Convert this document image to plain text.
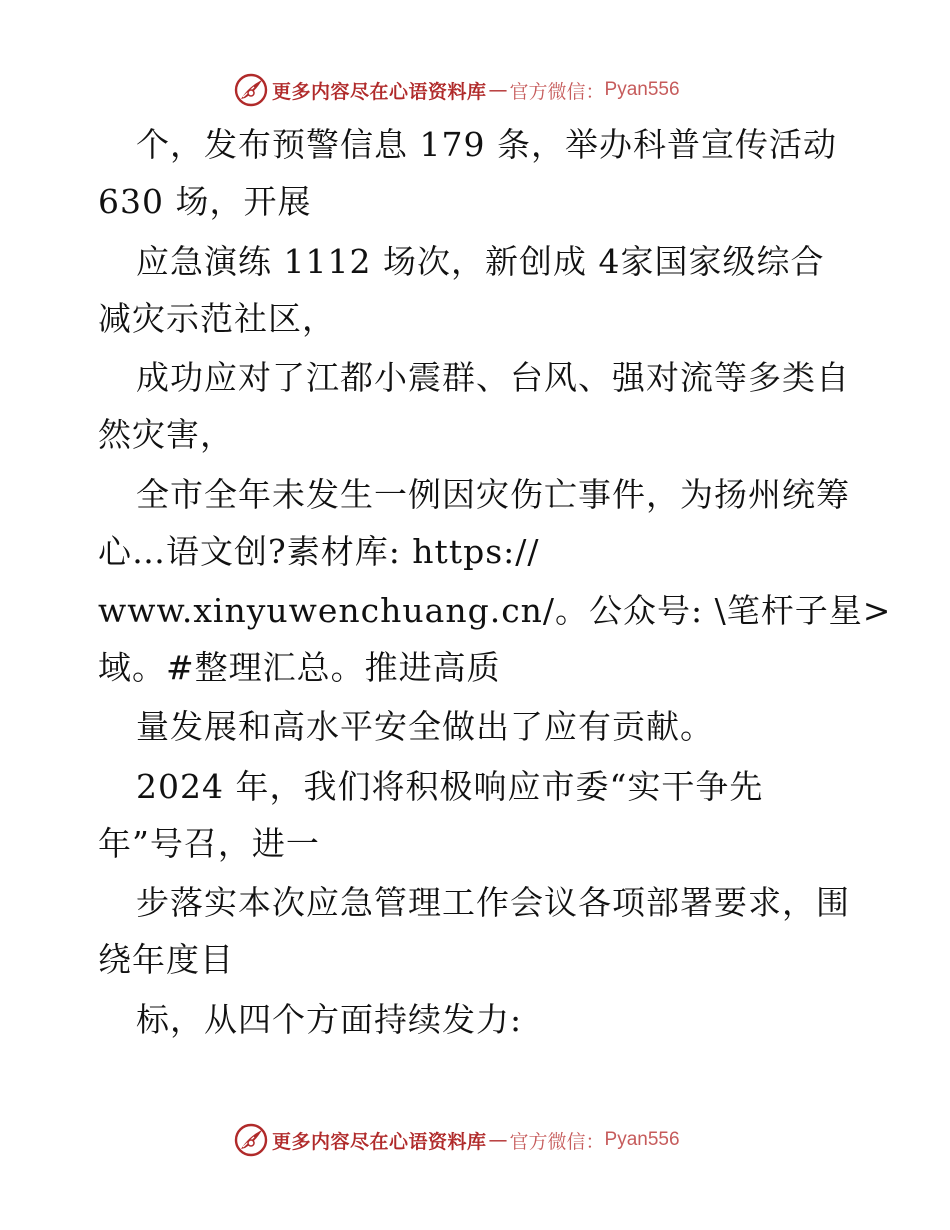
更多内容尽在心语资料库 — 官方微信： Pyan556
个，发布预警信息 179 条，举办科普宣传活动
630 场，开展
应急演练 1112 场次，新创成 4家国家级综合
减灾示范社区，
成功应对了江都小震群、台风、强对流等多类自
然灾害，
全市全年未发生一例因灾伤亡事件，为扬州统筹
心…语文创?素材库: https://
www.xinyuwenchuang.cn/。公众号: \笔杆子星>
域。#整理汇总。推进高质
量发展和高水平安全做出了应有贡献。
2024 年，我们将积极响应市委“实干争先
年”号召，进一
步落实本次应急管理工作会议各项部署要求，围
绕年度目
标，从四个方面持续发力:
更多内容尽在心语资料库 — 官方微信： Pyan556
